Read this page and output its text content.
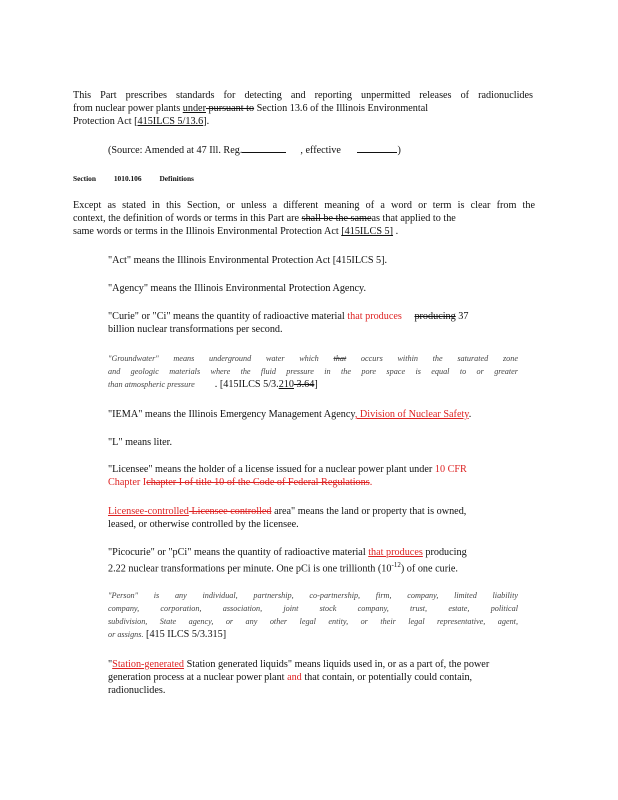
This Part prescribes standards for detecting and reporting unpermitted releases of radionuclides

from nuclear power plants under pursuant to Section 13.6 of the Illinois Environmental

Protection Act [415ILCS 5/13.6].

(Source: Amended at 47 Ill. Reg.	, effective	)
Section 1010.106 Definitions

Except as stated in this Section, or unless a different meaning of a word or term is clear from the

context, the definition of words or terms in this Part are shall be the sameas that applied to the

same words or terms in the Illinois Environmental Protection Act [415ILCS 5] .

"Act" means the Illinois Environmental Protection Act [415ILCS 5].
"Agency" means the Illinois Environmental Protection Agency.

"Curie" or "Ci" means the quantity of radioactive material that produces producing 37

billion nuclear transformations per second.

"Groundwater" means underground water which that occurs within the saturated zone

and geologic materials where the fluid pressure in the pore space is equal to or greater

than atmospheric pressure . [415ILCS 5/3.210 3.64]

"IEMA" means the Illinois Emergency Management Agency, Division of Nuclear Safety.
"L" means liter.

"Licensee" means the holder of a license issued for a nuclear power plant under 10 CFR

Chapter Ichapter I of title 10 of the Code of Federal Regulations.

Licensee-controlled Licensee controlled area" means the land or property that is owned,

leased, or otherwise controlled by the licensee.

"Picocurie" or "pCi" means the quantity of radioactive material that produces producing

2.22 nuclear transformations per minute. One pCi is one trillionth $(10^{-12})$ of one curie.

"Person" is any individual, partnership, co-partnership, firm, company, limited liability

company, corporation, association, joint stock company, trust, estate, political

subdivision, State agency, or any other legal entity, or their legal representative, agent,

or assigns. [415 ILCS 5/3.315]

"Station-generated Station generated liquids" means liquids used in, or as a part of, the power

generation process at a nuclear power plant and that contain, or potentially could contain,

radionuclides.
